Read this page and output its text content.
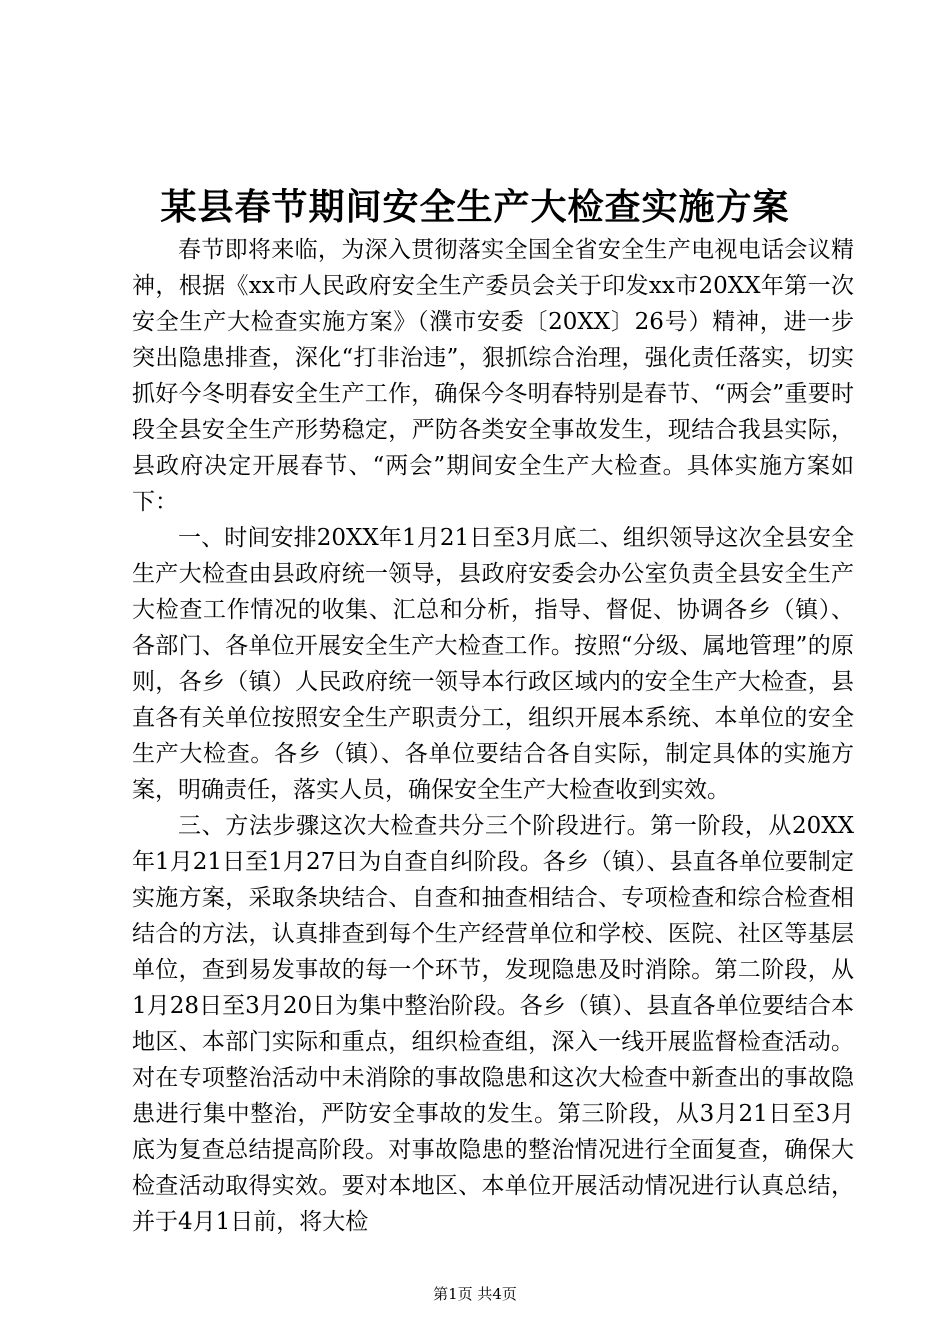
某县春节期间安全生产大检查实施方案

春节即将来临，为深入贯彻落实全国全省安全生产电视电话会议精神，根据《xx市人民政府安全生产委员会关于印发xx市20XX年第一次安全生产大检查实施方案》（濮市安委〔20XX〕26号）精神，进一步突出隐患排查，深化“打非治违”，狠抓综合治理，强化责任落实，切实抓好今冬明春安全生产工作，确保今冬明春特别是春节、“两会”重要时段全县安全生产形势稳定，严防各类安全事故发生，现结合我县实际，县政府决定开展春节、“两会”期间安全生产大检查。具体实施方案如下：

一、时间安排20XX年1月21日至3月底二、组织领导这次全县安全生产大检查由县政府统一领导，县政府安委会办公室负责全县安全生产大检查工作情况的收集、汇总和分析，指导、督促、协调各乡（镇）、各部门、各单位开展安全生产大检查工作。按照“分级、属地管理”的原则，各乡（镇）人民政府统一领导本行政区域内的安全生产大检查，县直各有关单位按照安全生产职责分工，组织开展本系统、本单位的安全生产大检查。各乡（镇）、各单位要结合各自实际，制定具体的实施方案，明确责任，落实人员，确保安全生产大检查收到实效。

三、方法步骤这次大检查共分三个阶段进行。第一阶段，从20XX年1月21日至1月27日为自查自纠阶段。各乡（镇）、县直各单位要制定实施方案，采取条块结合、自查和抽查相结合、专项检查和综合检查相结合的方法，认真排查到每个生产经营单位和学校、医院、社区等基层单位，查到易发事故的每一个环节，发现隐患及时消除。第二阶段，从1月28日至3月20日为集中整治阶段。各乡（镇）、县直各单位要结合本地区、本部门实际和重点，组织检查组，深入一线开展监督检查活动。对在专项整治活动中未消除的事故隐患和这次大检查中新查出的事故隐患进行集中整治，严防安全事故的发生。第三阶段，从3月21日至3月底为复查总结提高阶段。对事故隐患的整治情况进行全面复查，确保大检查活动取得实效。要对本地区、本单位开展活动情况进行认真总结，并于4月1日前，将大检

第1页 共4页
